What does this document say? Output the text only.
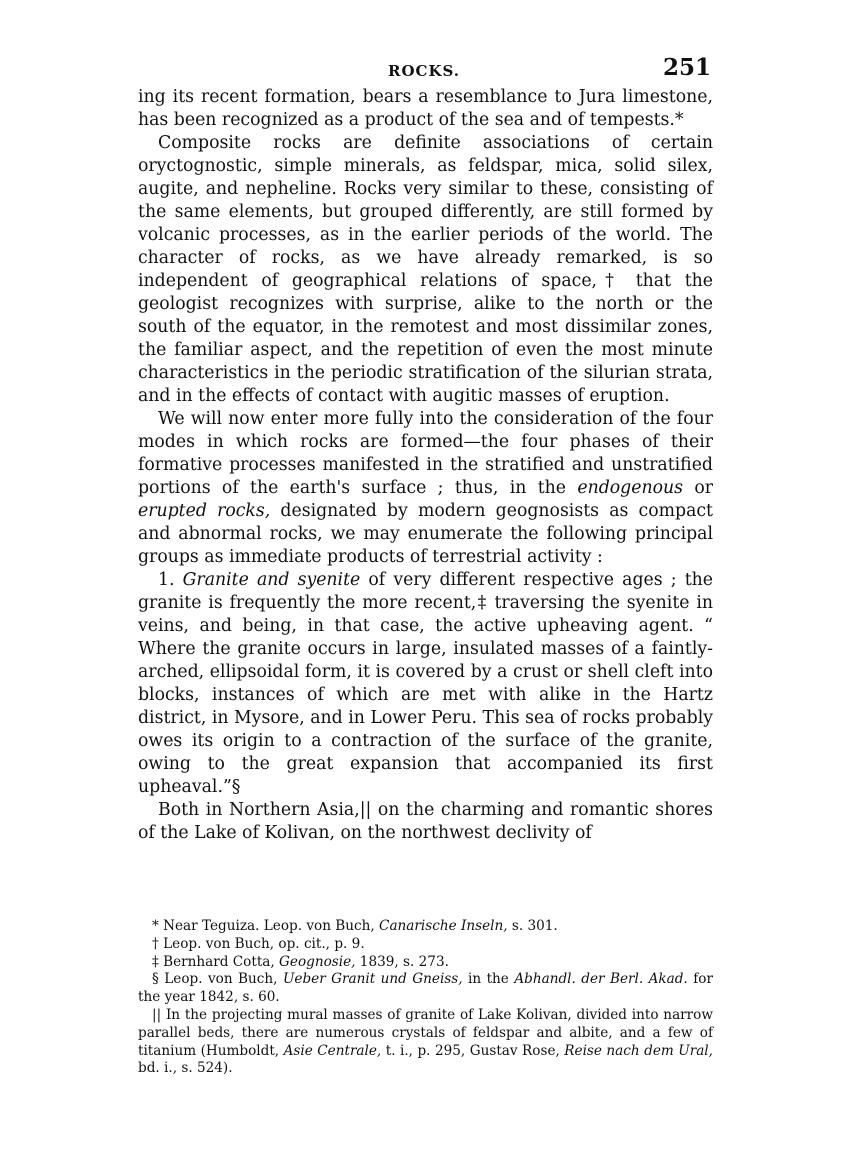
ROCKS.	251

ing its recent formation, bears a resemblance to Jura limestone, has been recognized as a product of the sea and of tempests.*

Composite rocks are definite associations of certain oryctognostic, simple minerals, as feldspar, mica, solid silex, augite, and nepheline. Rocks very similar to these, consisting of the same elements, but grouped differently, are still formed by volcanic processes, as in the earlier periods of the world. The character of rocks, as we have already remarked, is so independent of geographical relations of space,† that the geologist recognizes with surprise, alike to the north or the south of the equator, in the remotest and most dissimilar zones, the familiar aspect, and the repetition of even the most minute characteristics in the periodic stratification of the silurian strata, and in the effects of contact with augitic masses of eruption.

We will now enter more fully into the consideration of the four modes in which rocks are formed—the four phases of their formative processes manifested in the stratified and unstratified portions of the earth's surface ; thus, in the endogenous or erupted rocks, designated by modern geognosists as compact and abnormal rocks, we may enumerate the following principal groups as immediate products of terrestrial activity :

1. Granite and syenite of very different respective ages ; the granite is frequently the more recent,‡ traversing the syenite in veins, and being, in that case, the active upheaving agent. “ Where the granite occurs in large, insulated masses of a faintly-arched, ellipsoidal form, it is covered by a crust or shell cleft into blocks, instances of which are met with alike in the Hartz district, in Mysore, and in Lower Peru. This sea of rocks probably owes its origin to a contraction of the surface of the granite, owing to the great expansion that accompanied its first upheaval.”§

Both in Northern Asia,|| on the charming and romantic shores of the Lake of Kolivan, on the northwest declivity of

* Near Teguiza. Leop. von Buch, Canarische Inseln, s. 301.

† Leop. von Buch, op. cit., p. 9.

‡ Bernhard Cotta, Geognosie, 1839, s. 273.

§ Leop. von Buch, Ueber Granit und Gneiss, in the Abhandl. der Berl. Akad. for the year 1842, s. 60.

|| In the projecting mural masses of granite of Lake Kolivan, divided into narrow parallel beds, there are numerous crystals of feldspar and albite, and a few of titanium (Humboldt, Asie Centrale, t. i., p. 295, Gustav Rose, Reise nach dem Ural, bd. i., s. 524).
